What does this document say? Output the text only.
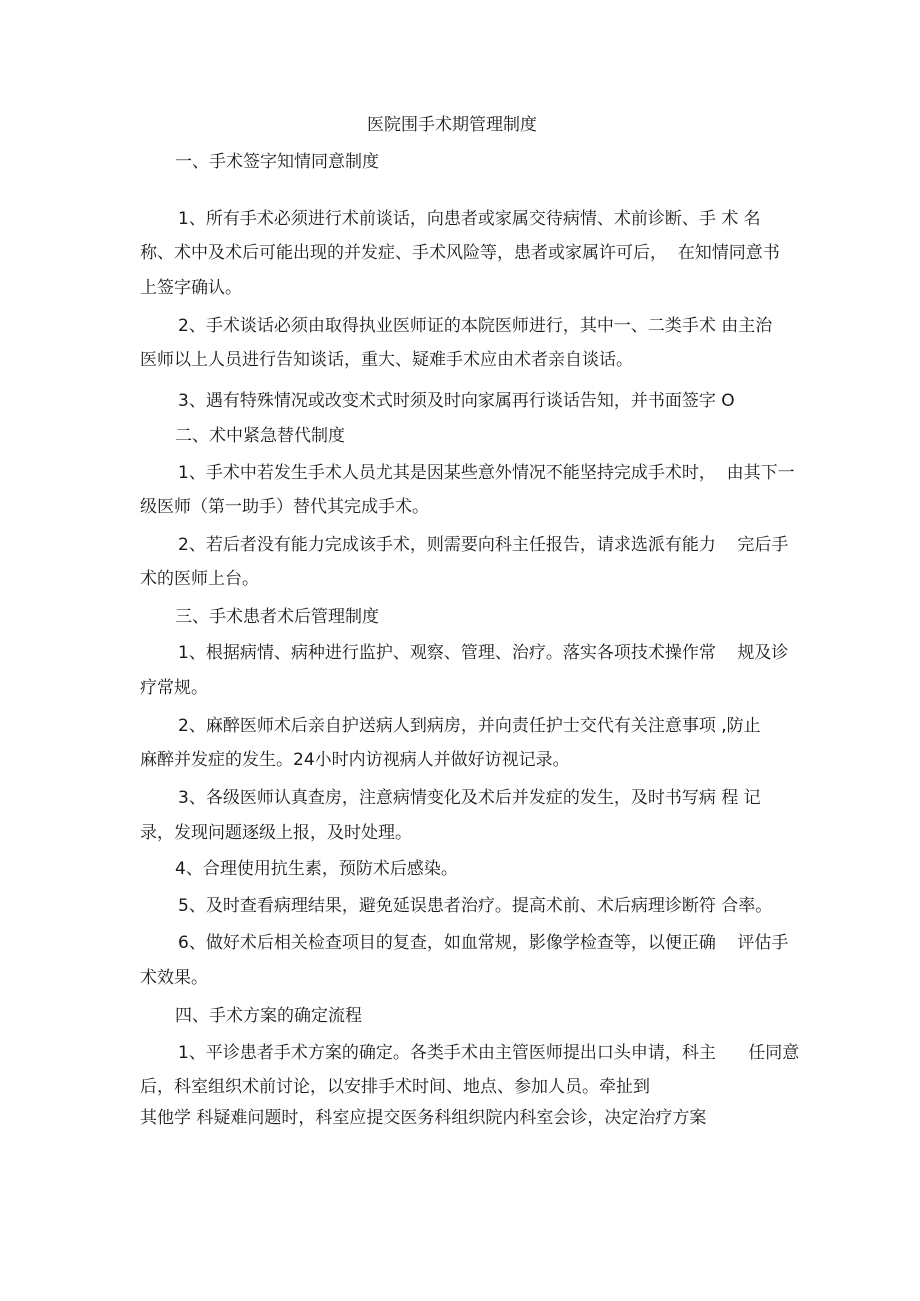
医院围手术期管理制度

一、手术签字知情同意制度

1、所有手术必须进行术前谈话，向患者或家属交待病情、术前诊断、手 术 名

称、术中及术后可能出现的并发症、手术风险等，患者或家属许可后，  在知情同意书

上签字确认。

2、手术谈话必须由取得执业医师证的本院医师进行，其中一、二类手术 由主治

医师以上人员进行告知谈话，重大、疑难手术应由术者亲自谈话。

3、遇有特殊情况或改变术式时须及时向家属再行谈话告知，并书面签字 O

二、术中紧急替代制度

1、手术中若发生手术人员尤其是因某些意外情况不能坚持完成手术时，  由其下一

级医师（第一助手）替代其完成手术。

2、若后者没有能力完成该手术，则需要向科主任报告，请求选派有能力    完后手

术的医师上台。

三、手术患者术后管理制度

1、根据病情、病种进行监护、观察、管理、治疗。落实各项技术操作常    规及诊

疗常规。

2、麻醉医师术后亲自护送病人到病房，并向责任护士交代有关注意事项 ,防止

麻醉并发症的发生。24小时内访视病人并做好访视记录。

3、各级医师认真查房，注意病情变化及术后并发症的发生，及时书写病 程 记

录，发现问题逐级上报，及时处理。

4、合理使用抗生素，预防术后感染。

5、及时查看病理结果，避免延误患者治疗。提高术前、术后病理诊断符 合率。

6、做好术后相关检查项目的复查，如血常规，影像学检查等，以便正确    评估手

术效果。

四、手术方案的确定流程

1、平诊患者手术方案的确定。各类手术由主管医师提出口头申请，科主      任同意

后，科室组织术前讨论，以安排手术时间、地点、参加人员。牵扯到

其他学 科疑难问题时，科室应提交医务科组织院内科室会诊，决定治疗方案
